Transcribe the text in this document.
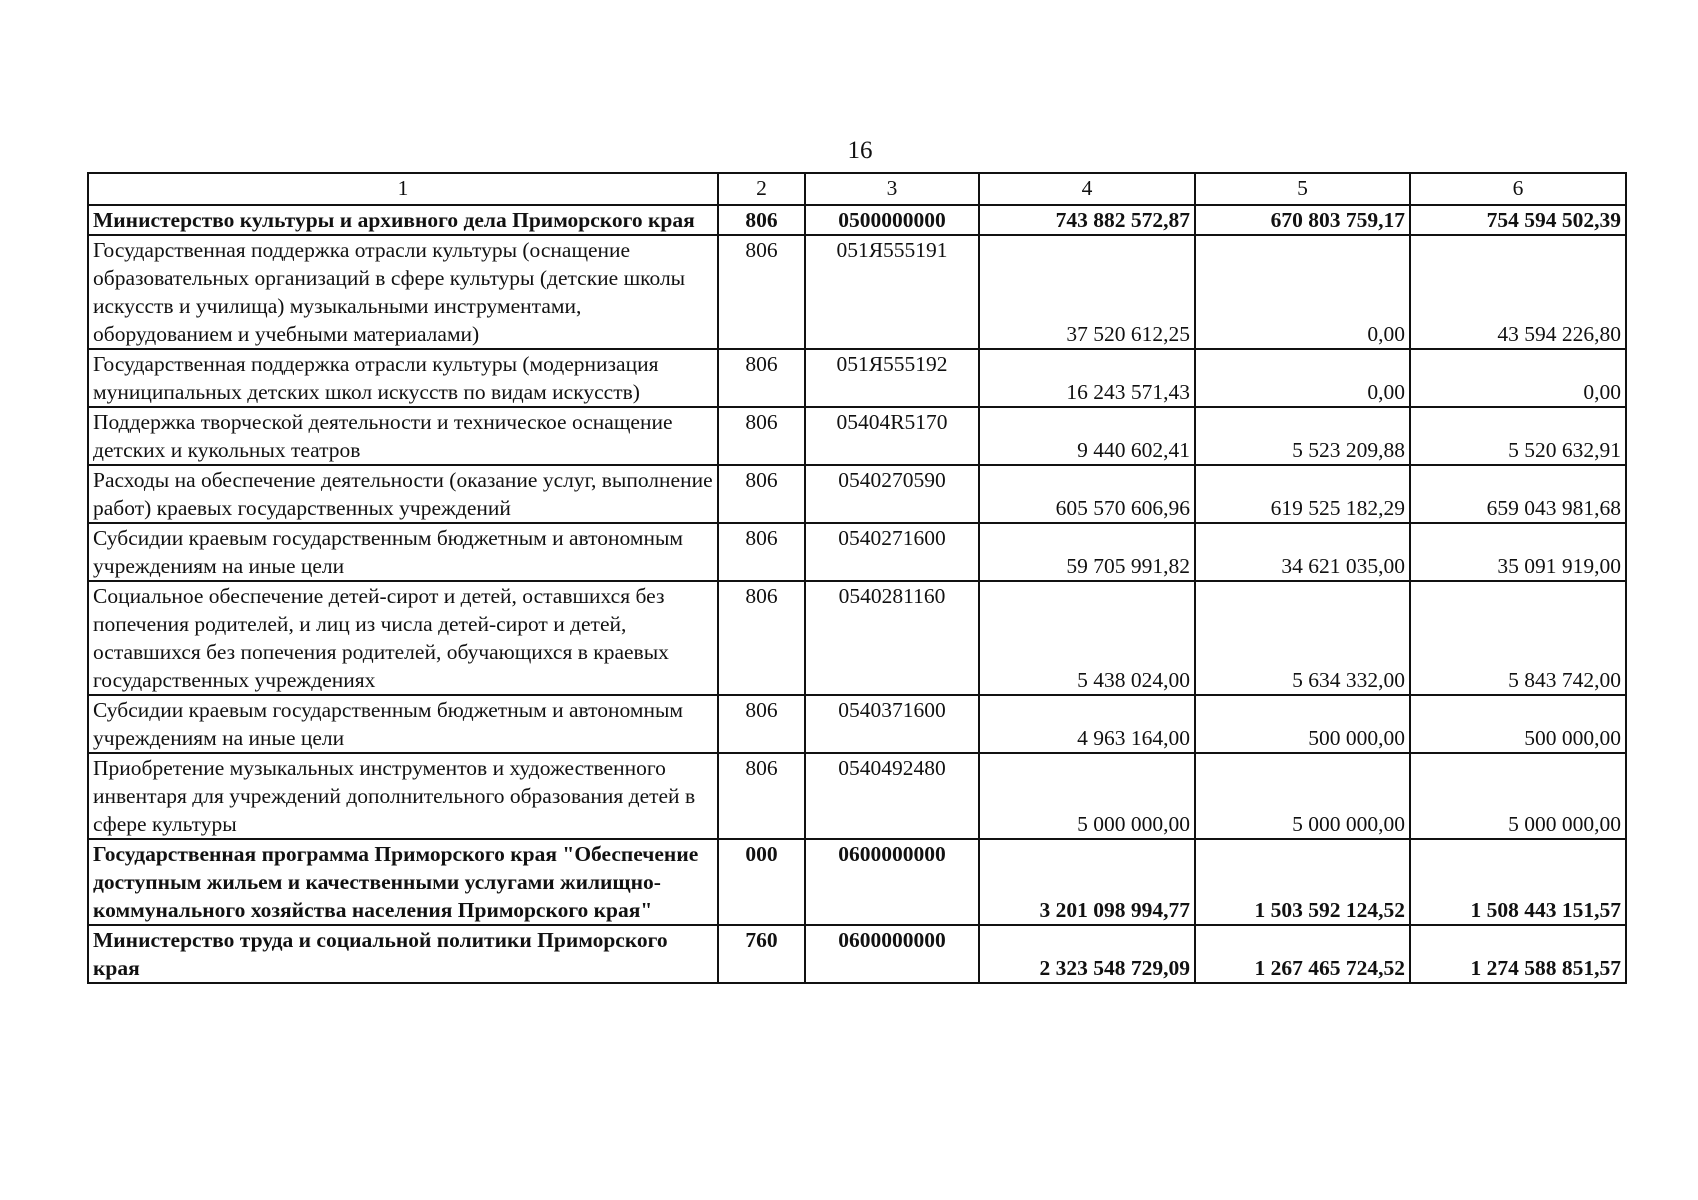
16
1	2	3	4	5	6
Министерство культуры и архивного дела Приморского края	806	0500000000	743 882 572,87	670 803 759,17	754 594 502,39
Государственная поддержка отрасли культуры (оснащение образовательных организаций в сфере культуры (детские школы искусств и училища) музыкальными инструментами, оборудованием и учебными материалами)	806	051Я555191	37 520 612,25	0,00	43 594 226,80
Государственная поддержка отрасли культуры (модернизация муниципальных детских школ искусств по видам искусств)	806	051Я555192	16 243 571,43	0,00	0,00
Поддержка творческой деятельности и техническое оснащение детских и кукольных театров	806	05404R5170	9 440 602,41	5 523 209,88	5 520 632,91
Расходы на обеспечение деятельности (оказание услуг, выполнение работ) краевых государственных учреждений	806	0540270590	605 570 606,96	619 525 182,29	659 043 981,68
Субсидии краевым государственным бюджетным и автономным учреждениям на иные цели	806	0540271600	59 705 991,82	34 621 035,00	35 091 919,00
Социальное обеспечение детей-сирот и детей, оставшихся без попечения родителей, и лиц из числа детей-сирот и детей, оставшихся без попечения родителей, обучающихся в краевых государственных учреждениях	806	0540281160	5 438 024,00	5 634 332,00	5 843 742,00
Субсидии краевым государственным бюджетным и автономным учреждениям на иные цели	806	0540371600	4 963 164,00	500 000,00	500 000,00
Приобретение музыкальных инструментов и художественного инвентаря для учреждений дополнительного образования детей в сфере культуры	806	0540492480	5 000 000,00	5 000 000,00	5 000 000,00
Государственная программа Приморского края "Обеспечение доступным жильем и качественными услугами жилищно-коммунального хозяйства населения Приморского края"	000	0600000000	3 201 098 994,77	1 503 592 124,52	1 508 443 151,57
Министерство труда и социальной политики Приморского края	760	0600000000	2 323 548 729,09	1 267 465 724,52	1 274 588 851,57
